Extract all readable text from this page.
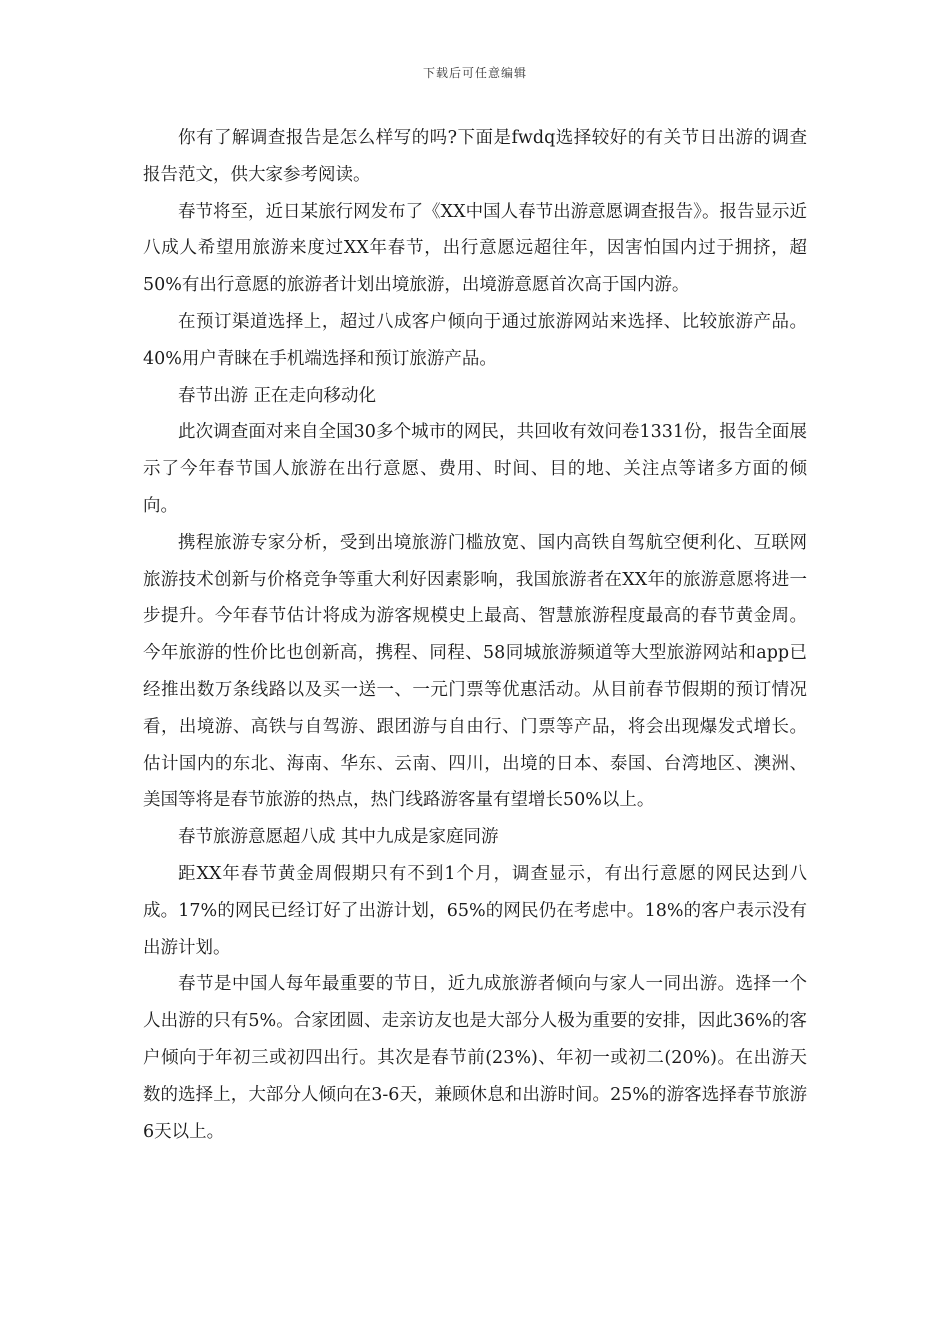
下载后可任意编辑

你有了解调查报告是怎么样写的吗?下面是fwdq选择较好的有关节日出游的调查报告范文，供大家参考阅读。

春节将至，近日某旅行网发布了《XX中国人春节出游意愿调查报告》。报告显示近八成人希望用旅游来度过XX年春节，出行意愿远超往年，因害怕国内过于拥挤，超50%有出行意愿的旅游者计划出境旅游，出境游意愿首次高于国内游。

在预订渠道选择上，超过八成客户倾向于通过旅游网站来选择、比较旅游产品。40%用户青睐在手机端选择和预订旅游产品。

春节出游 正在走向移动化

此次调查面对来自全国30多个城市的网民，共回收有效问卷1331份，报告全面展示了今年春节国人旅游在出行意愿、费用、时间、目的地、关注点等诸多方面的倾向。

携程旅游专家分析，受到出境旅游门槛放宽、国内高铁自驾航空便利化、互联网旅游技术创新与价格竞争等重大利好因素影响，我国旅游者在XX年的旅游意愿将进一步提升。今年春节估计将成为游客规模史上最高、智慧旅游程度最高的春节黄金周。今年旅游的性价比也创新高，携程、同程、58同城旅游频道等大型旅游网站和app已经推出数万条线路以及买一送一、一元门票等优惠活动。从目前春节假期的预订情况看，出境游、高铁与自驾游、跟团游与自由行、门票等产品，将会出现爆发式增长。估计国内的东北、海南、华东、云南、四川，出境的日本、泰国、台湾地区、澳洲、美国等将是春节旅游的热点，热门线路游客量有望增长50%以上。

春节旅游意愿超八成 其中九成是家庭同游

距XX年春节黄金周假期只有不到1个月，调查显示，有出行意愿的网民达到八成。17%的网民已经订好了出游计划，65%的网民仍在考虑中。18%的客户表示没有出游计划。

春节是中国人每年最重要的节日，近九成旅游者倾向与家人一同出游。选择一个人出游的只有5%。合家团圆、走亲访友也是大部分人极为重要的安排，因此36%的客户倾向于年初三或初四出行。其次是春节前(23%)、年初一或初二(20%)。在出游天数的选择上，大部分人倾向在3-6天，兼顾休息和出游时间。25%的游客选择春节旅游6天以上。
